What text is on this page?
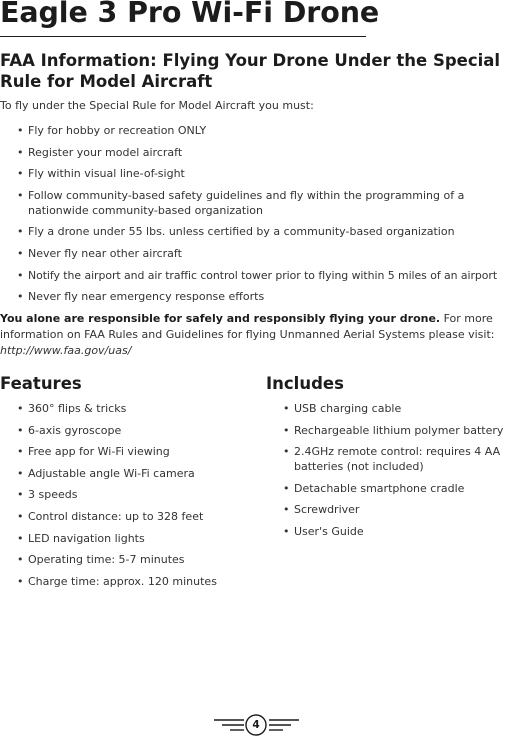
Eagle 3 Pro Wi-Fi Drone
FAA Information: Flying Your Drone Under the Special Rule for Model Aircraft

To fly under the Special Rule for Model Aircraft you must:

• Fly for hobby or recreation ONLY
• Register your model aircraft
• Fly within visual line-of-sight
• Follow community-based safety guidelines and fly within the programming of a nationwide community-based organization
• Fly a drone under 55 lbs. unless certified by a community-based organization
• Never fly near other aircraft
• Notify the airport and air traffic control tower prior to flying within 5 miles of an airport
• Never fly near emergency response efforts

You alone are responsible for safely and responsibly flying your drone. For more information on FAA Rules and Guidelines for flying Unmanned Aerial Systems please visit: http://www.faa.gov/uas/

Features	Includes
• 360° flips & tricks
• 6-axis gyroscope
• Free app for Wi-Fi viewing
• Adjustable angle Wi-Fi camera
• 3 speeds
• Control distance: up to 328 feet
• LED navigation lights
• Operating time: 5-7 minutes
• Charge time: approx. 120 minutes
• USB charging cable
• Rechargeable lithium polymer battery
• 2.4GHz remote control: requires 4 AA batteries (not included)
• Detachable smartphone cradle
• Screwdriver
• User's Guide
4
